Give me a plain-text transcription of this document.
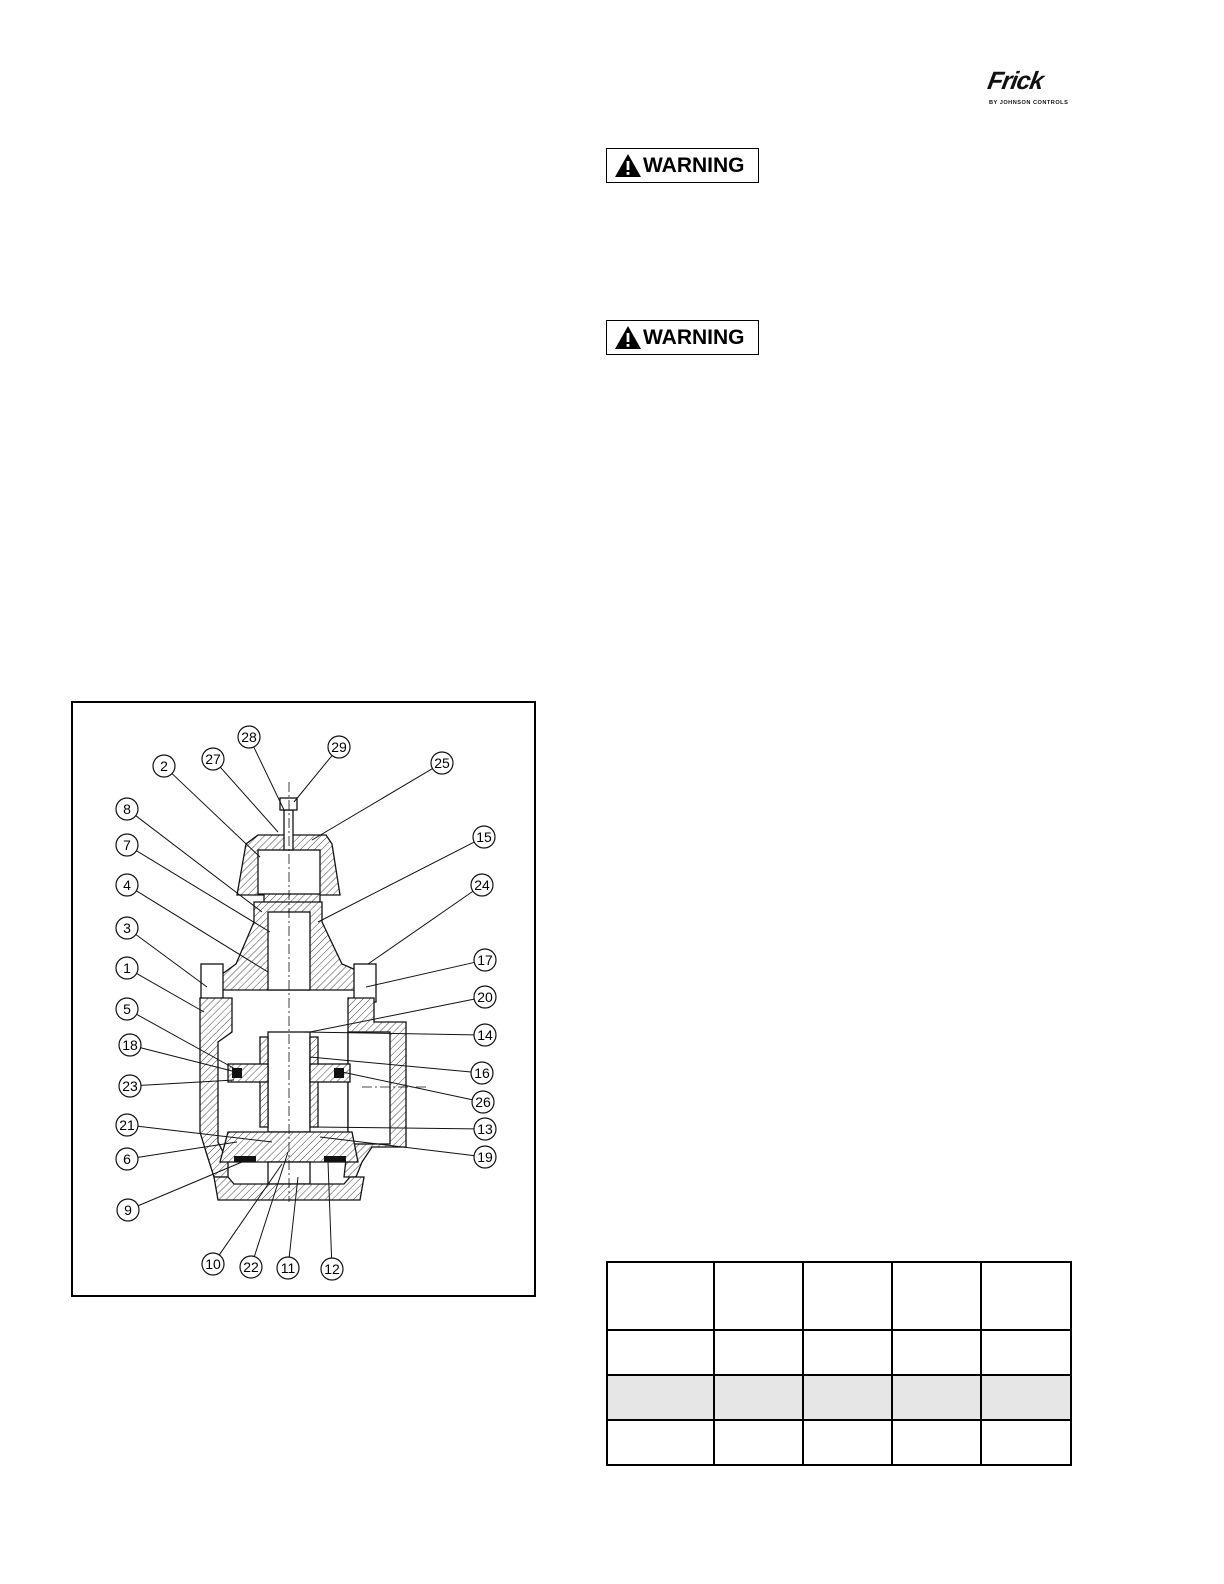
Frick
BY JOHNSON CONTROLS
WARNING
WARNING
1
2
3
4
5
6
7
8
9
10	11 12
13
14
15
16
17
18
19
20
21
22
23
24
25
26
27
28
29
